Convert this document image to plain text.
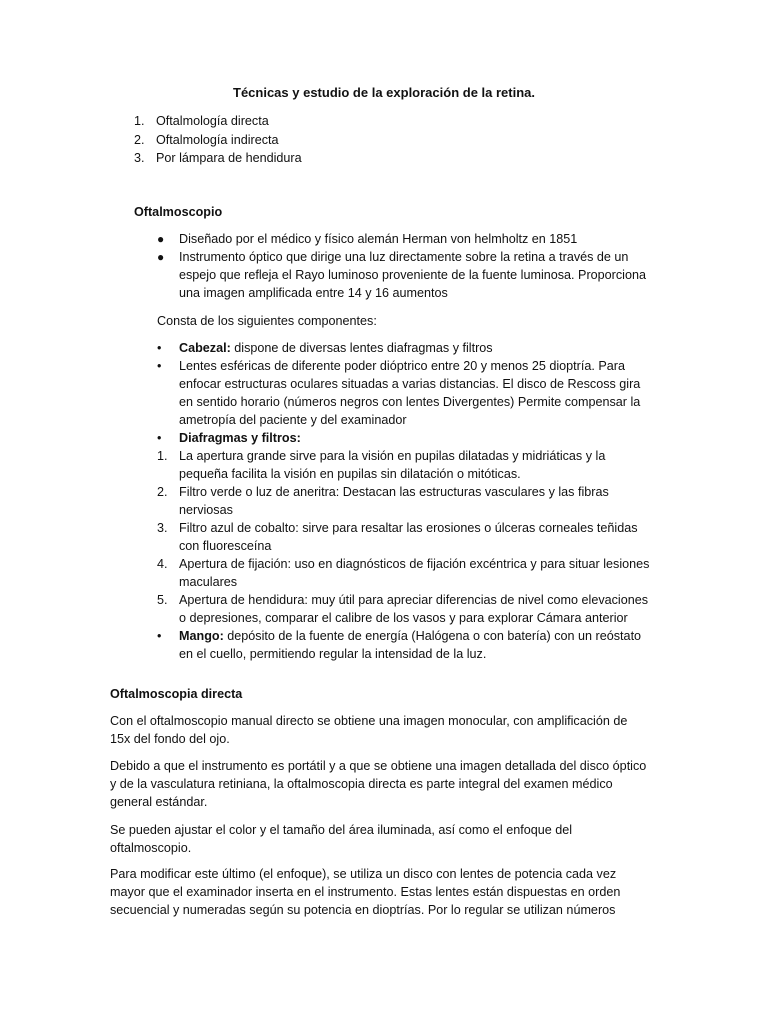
Técnicas y estudio de la exploración de la retina.
1. Oftalmología directa
2. Oftalmología indirecta
3. Por lámpara de hendidura
Oftalmoscopio
● Diseñado por el médico y físico alemán Herman von helmholtz en 1851
● Instrumento óptico que dirige una luz directamente sobre la retina a través de un espejo que refleja el Rayo luminoso proveniente de la fuente luminosa. Proporciona una imagen amplificada entre 14 y 16 aumentos
Consta de los siguientes componentes:
• Cabezal: dispone de diversas lentes diafragmas y filtros
• Lentes esféricas de diferente poder dióptrico entre 20 y menos 25 dioptría. Para enfocar estructuras oculares situadas a varias distancias. El disco de Rescoss gira en sentido horario (números negros con lentes Divergentes) Permite compensar la ametropía del paciente y del examinador
• Diafragmas y filtros:
1. La apertura grande sirve para la visión en pupilas dilatadas y midriáticas y la pequeña facilita la visión en pupilas sin dilatación o mitóticas.
2. Filtro verde o luz de aneritra: Destacan las estructuras vasculares y las fibras nerviosas
3. Filtro azul de cobalto: sirve para resaltar las erosiones o úlceras corneales teñidas con fluoresceína
4. Apertura de fijación: uso en diagnósticos de fijación excéntrica y para situar lesiones maculares
5. Apertura de hendidura: muy útil para apreciar diferencias de nivel como elevaciones o depresiones, comparar el calibre de los vasos y para explorar Cámara anterior
• Mango: depósito de la fuente de energía (Halógena o con batería) con un reóstato en el cuello, permitiendo regular la intensidad de la luz.
Oftalmoscopia directa

Con el oftalmoscopio manual directo se obtiene una imagen monocular, con amplificación de 15x del fondo del ojo.

Debido a que el instrumento es portátil y a que se obtiene una imagen detallada del disco óptico y de la vasculatura retiniana, la oftalmoscopia directa es parte integral del examen médico general estándar.

Se pueden ajustar el color y el tamaño del área iluminada, así como el enfoque del oftalmoscopio.

Para modificar este último (el enfoque), se utiliza un disco con lentes de potencia cada vez mayor que el examinador inserta en el instrumento. Estas lentes están dispuestas en orden secuencial y numeradas según su potencia en dioptrías. Por lo regular se utilizan números
